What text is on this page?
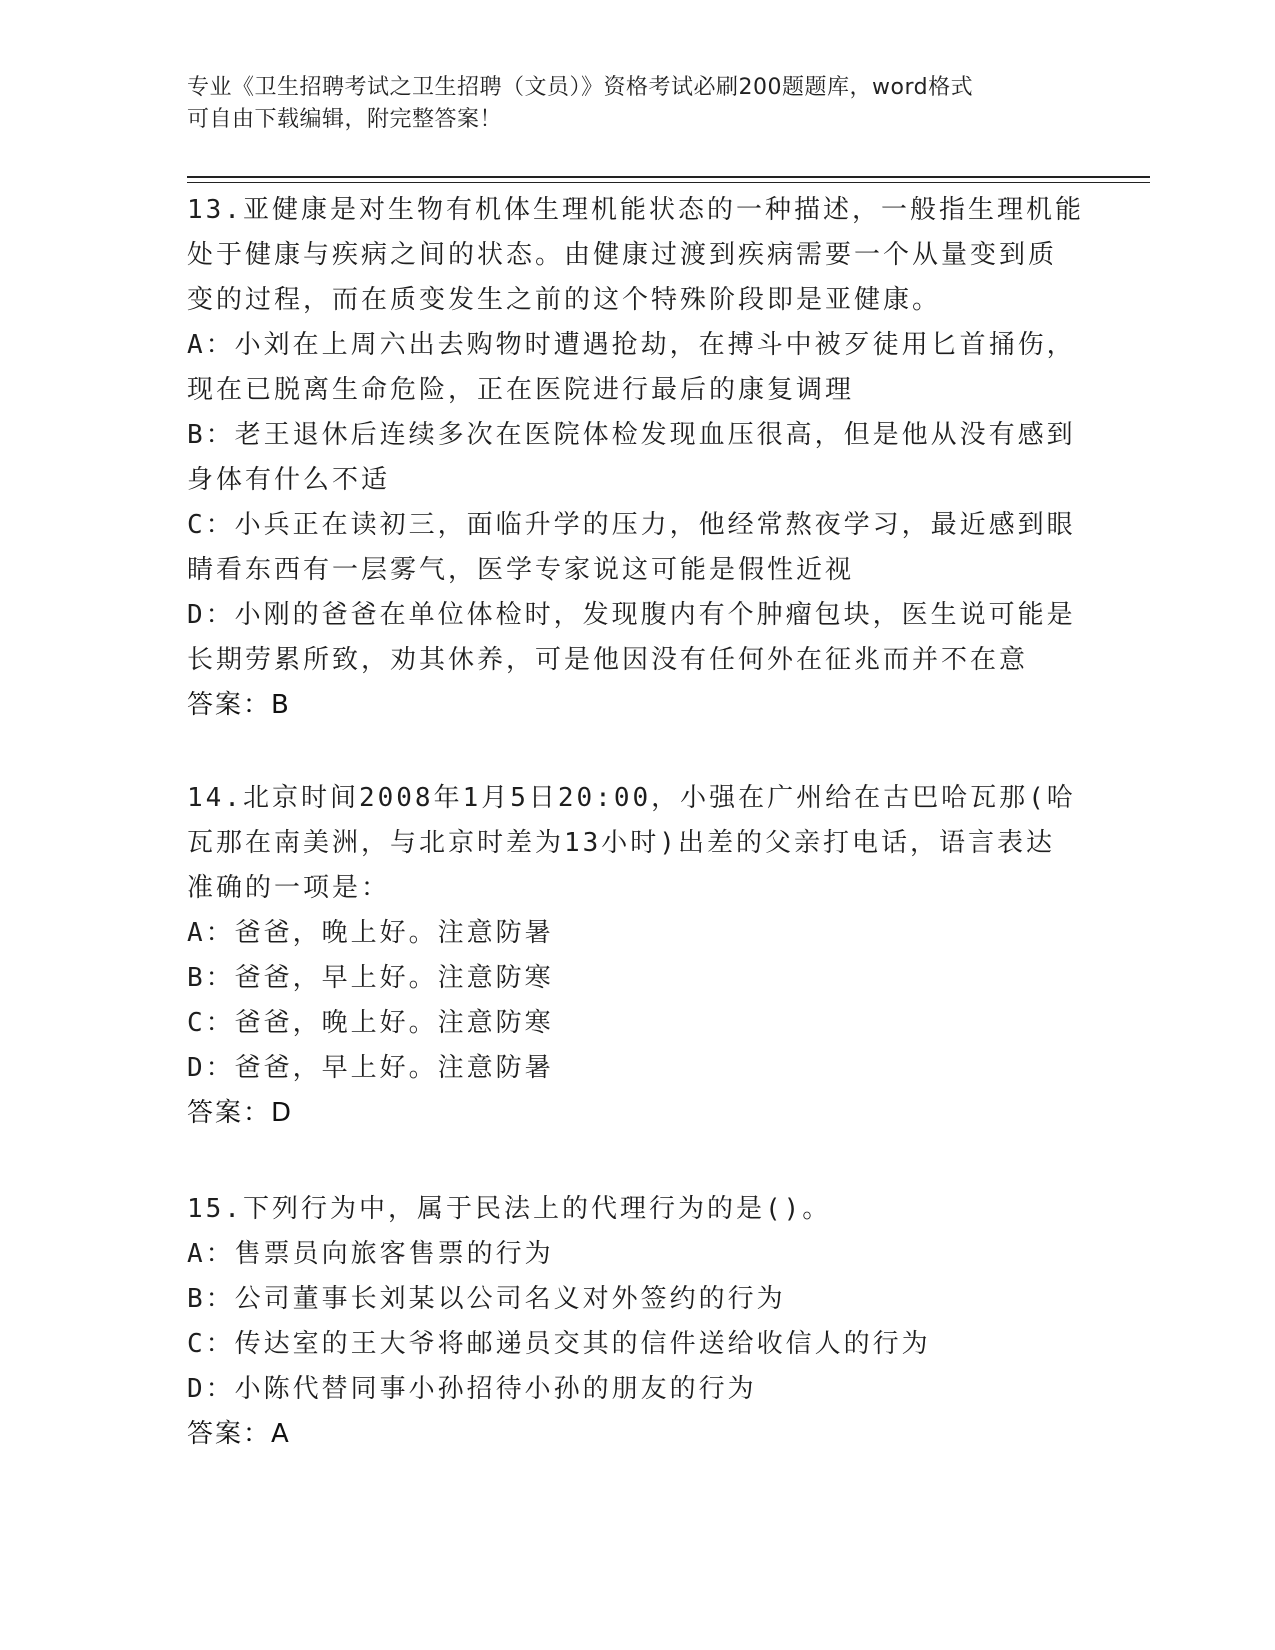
专业《卫生招聘考试之卫生招聘（文员）》资格考试必刷200题题库，word格式
可自由下载编辑，附完整答案！
13.亚健康是对生物有机体生理机能状态的一种描述，一般指生理机能
处于健康与疾病之间的状态。由健康过渡到疾病需要一个从量变到质
变的过程，而在质变发生之前的这个特殊阶段即是亚健康。
A：小刘在上周六出去购物时遭遇抢劫，在搏斗中被歹徒用匕首捅伤，
现在已脱离生命危险，正在医院进行最后的康复调理
B：老王退休后连续多次在医院体检发现血压很高，但是他从没有感到
身体有什么不适
C：小兵正在读初三，面临升学的压力，他经常熬夜学习，最近感到眼
睛看东西有一层雾气，医学专家说这可能是假性近视
D：小刚的爸爸在单位体检时，发现腹内有个肿瘤包块，医生说可能是
长期劳累所致，劝其休养，可是他因没有任何外在征兆而并不在意
答案：B
14.北京时间2008年1月5日20:00，小强在广州给在古巴哈瓦那(哈
瓦那在南美洲，与北京时差为13小时)出差的父亲打电话，语言表达
准确的一项是：
A：爸爸，晚上好。注意防暑
B：爸爸，早上好。注意防寒
C：爸爸，晚上好。注意防寒
D：爸爸，早上好。注意防暑
答案：D
15.下列行为中，属于民法上的代理行为的是()。
A：售票员向旅客售票的行为
B：公司董事长刘某以公司名义对外签约的行为
C：传达室的王大爷将邮递员交其的信件送给收信人的行为
D：小陈代替同事小孙招待小孙的朋友的行为
答案：A
